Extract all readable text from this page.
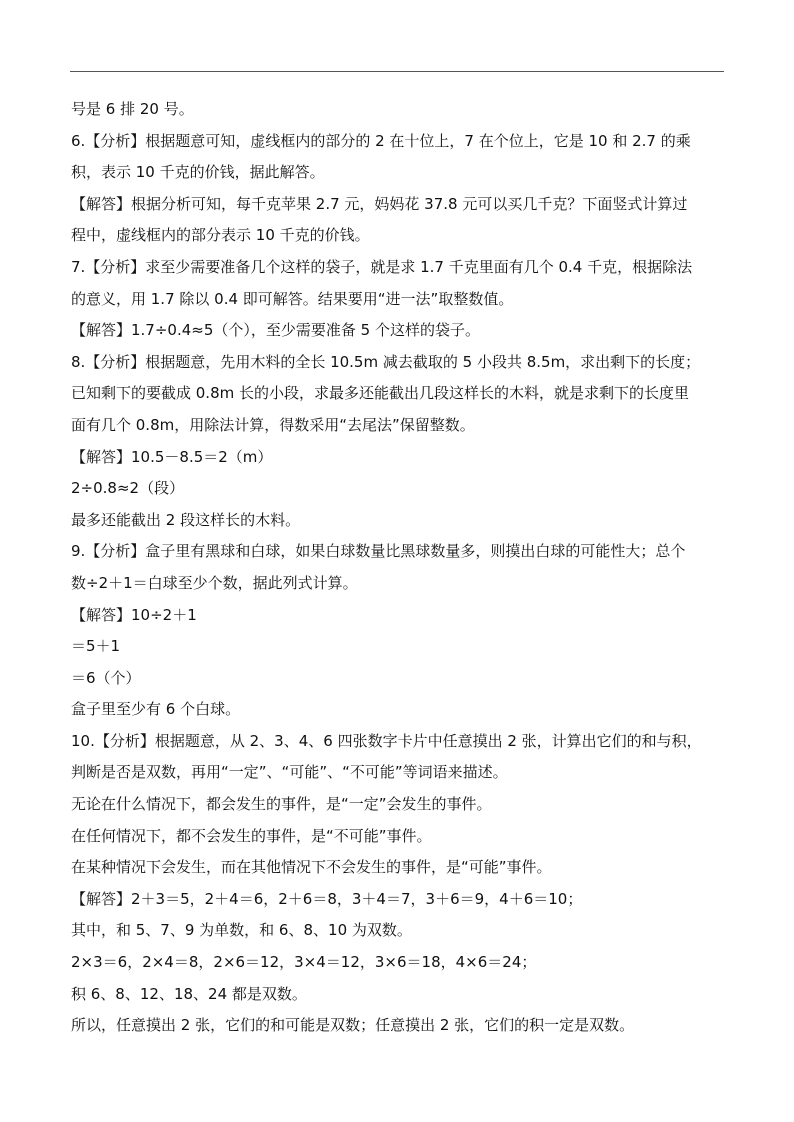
号是 6 排 20 号。
6.【分析】根据题意可知，虚线框内的部分的 2 在十位上，7 在个位上，它是 10 和 2.7 的乘
积，表示 10 千克的价钱，据此解答。
【解答】根据分析可知，每千克苹果 2.7 元，妈妈花 37.8 元可以买几千克？下面竖式计算过
程中，虚线框内的部分表示 10 千克的价钱。
7.【分析】求至少需要准备几个这样的袋子，就是求 1.7 千克里面有几个 0.4 千克，根据除法
的意义，用 1.7 除以 0.4 即可解答。结果要用“进一法”取整数值。
【解答】1.7÷0.4≈5（个），至少需要准备 5 个这样的袋子。
8.【分析】根据题意，先用木料的全长 10.5m 减去截取的 5 小段共 8.5m，求出剩下的长度；
已知剩下的要截成 0.8m 长的小段，求最多还能截出几段这样长的木料，就是求剩下的长度里
面有几个 0.8m，用除法计算，得数采用“去尾法”保留整数。
【解答】10.5－8.5＝2（m）
2÷0.8≈2（段）
最多还能截出 2 段这样长的木料。
9.【分析】盒子里有黑球和白球，如果白球数量比黑球数量多，则摸出白球的可能性大；总个
数÷2＋1＝白球至少个数，据此列式计算。
【解答】10÷2＋1
＝5＋1
＝6（个）
盒子里至少有 6 个白球。
10.【分析】根据题意，从 2、3、4、6 四张数字卡片中任意摸出 2 张，计算出它们的和与积，
判断是否是双数，再用“一定”、“可能”、“不可能”等词语来描述。
无论在什么情况下，都会发生的事件，是“一定”会发生的事件。
在任何情况下，都不会发生的事件，是“不可能”事件。
在某种情况下会发生，而在其他情况下不会发生的事件，是“可能”事件。
【解答】2＋3＝5，2＋4＝6，2＋6＝8，3＋4＝7，3＋6＝9，4＋6＝10；
其中，和 5、7、9 为单数，和 6、8、10 为双数。
2×3＝6，2×4＝8，2×6＝12，3×4＝12，3×6＝18，4×6＝24；
积 6、8、12、18、24 都是双数。
所以，任意摸出 2 张，它们的和可能是双数；任意摸出 2 张，它们的积一定是双数。
